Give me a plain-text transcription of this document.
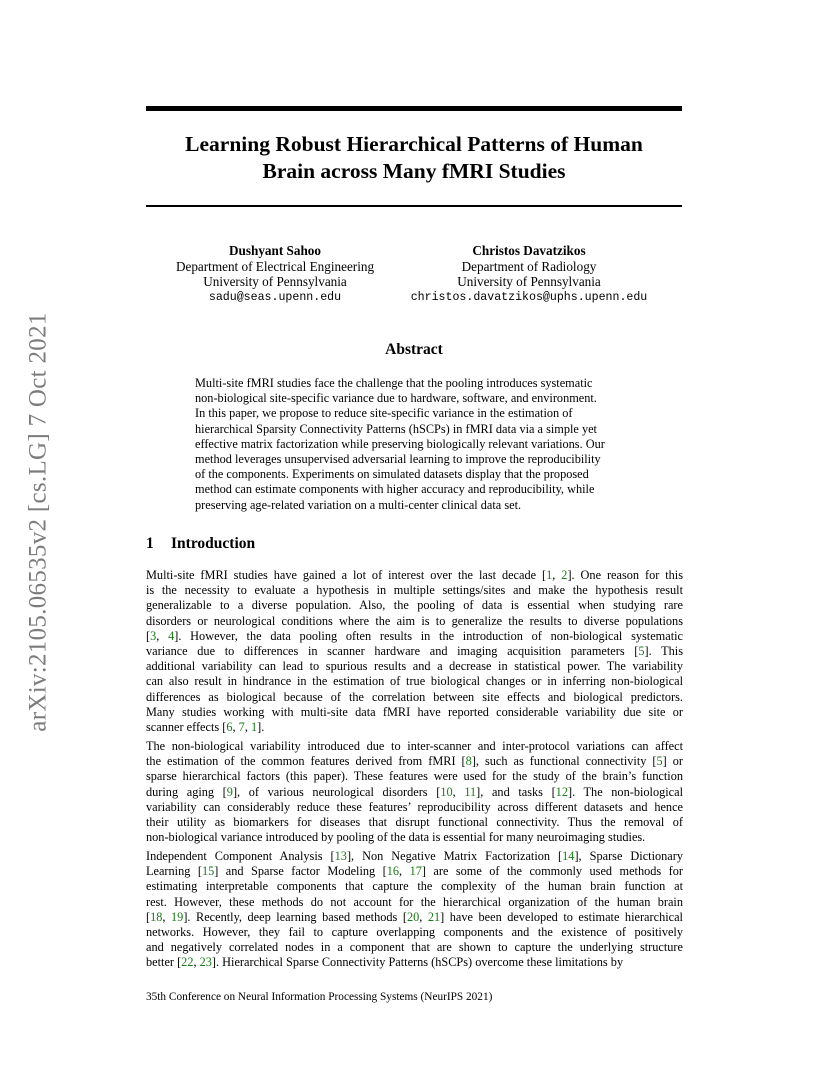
arXiv:2105.06535v2 [cs.LG] 7 Oct 2021
Learning Robust Hierarchical Patterns of Human
Brain across Many fMRI Studies
Dushyant Sahoo
Department of Electrical Engineering
University of Pennsylvania
sadu@seas.upenn.edu
Christos Davatzikos
Department of Radiology
University of Pennsylvania
christos.davatzikos@uphs.upenn.edu
Abstract
Multi-site fMRI studies face the challenge that the pooling introduces systematic
non-biological site-specific variance due to hardware, software, and environment.
In this paper, we propose to reduce site-specific variance in the estimation of
hierarchical Sparsity Connectivity Patterns (hSCPs) in fMRI data via a simple yet
effective matrix factorization while preserving biologically relevant variations. Our
method leverages unsupervised adversarial learning to improve the reproducibility
of the components. Experiments on simulated datasets display that the proposed
method can estimate components with higher accuracy and reproducibility, while
preserving age-related variation on a multi-center clinical data set.
1 Introduction
Multi-site fMRI studies have gained a lot of interest over the last decade [1, 2]. One reason for this
is the necessity to evaluate a hypothesis in multiple settings/sites and make the hypothesis result
generalizable to a diverse population. Also, the pooling of data is essential when studying rare
disorders or neurological conditions where the aim is to generalize the results to diverse populations
[3, 4]. However, the data pooling often results in the introduction of non-biological systematic
variance due to differences in scanner hardware and imaging acquisition parameters [5]. This
additional variability can lead to spurious results and a decrease in statistical power. The variability
can also result in hindrance in the estimation of true biological changes or in inferring non-biological
differences as biological because of the correlation between site effects and biological predictors.
Many studies working with multi-site data fMRI have reported considerable variability due site or
scanner effects [6, 7, 1].
The non-biological variability introduced due to inter-scanner and inter-protocol variations can affect
the estimation of the common features derived from fMRI [8], such as functional connectivity [5] or
sparse hierarchical factors (this paper). These features were used for the study of the brain’s function
during aging [9], of various neurological disorders [10, 11], and tasks [12]. The non-biological
variability can considerably reduce these features’ reproducibility across different datasets and hence
their utility as biomarkers for diseases that disrupt functional connectivity. Thus the removal of
non-biological variance introduced by pooling of the data is essential for many neuroimaging studies.
Independent Component Analysis [13], Non Negative Matrix Factorization [14], Sparse Dictionary
Learning [15] and Sparse factor Modeling [16, 17] are some of the commonly used methods for
estimating interpretable components that capture the complexity of the human brain function at
rest. However, these methods do not account for the hierarchical organization of the human brain
[18, 19]. Recently, deep learning based methods [20, 21] have been developed to estimate hierarchical
networks. However, they fail to capture overlapping components and the existence of positively
and negatively correlated nodes in a component that are shown to capture the underlying structure
better [22, 23]. Hierarchical Sparse Connectivity Patterns (hSCPs) overcome these limitations by
35th Conference on Neural Information Processing Systems (NeurIPS 2021)
